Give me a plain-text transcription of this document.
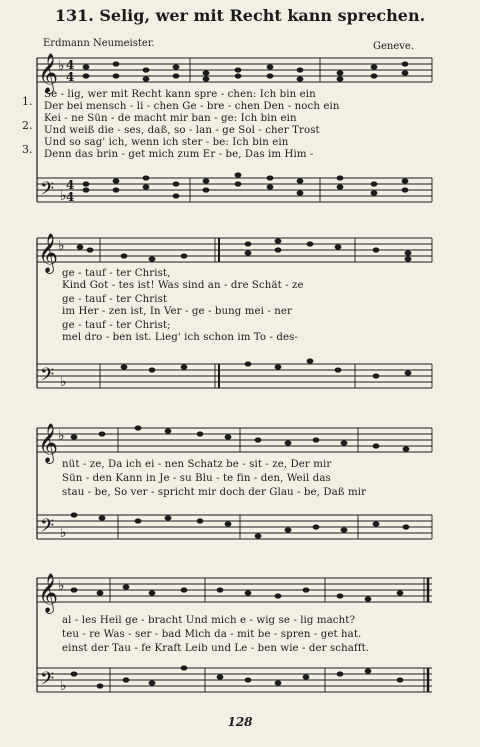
131. Selig, wer mit Recht kann sprechen.
Erdmann Neumeister.	Geneve.
𝄞
𝄢
𝄞
𝄢
𝄞
𝄢
𝄞
𝄢
♭
♭
♭
♭
♭
♭
♭
♭
4
4
4
4
1.
2.
3.
Se - lig, wer mit Recht kann spre - chen: Ich bin ein
Der bei mensch - li - chen Ge - bre - chen Den - noch ein
Kei - ne Sün - de macht mir ban - ge: Ich bin ein
Und weiß die - ses, daß, so - lan - ge Sol - cher Trost
Und so sag' ich, wenn ich ster - be: Ich bin ein
Denn das brin - get mich zum Er - be, Das im Him -
ge - tauf - ter Christ,
Kind Got - tes ist! Was sind an - dre Schät - ze
ge - tauf - ter Christ
im Her - zen ist, In Ver - ge - bung mei - ner
ge - tauf - ter Christ;
mel dro - ben ist. Lieg' ich schon im To - des-
nüt - ze, Da ich ei - nen Schatz be - sit - ze, Der mir
Sün - den Kann in Je - su Blu - te fin - den, Weil das
stau - be, So ver - spricht mir doch der Glau - be, Daß mir
al - les Heil ge - bracht Und mich e - wig se - lig macht?
teu - re Was - ser - bad Mich da - mit be - spren - get hat.
einst der Tau - fe Kraft Leib und Le - ben wie - der schafft.
128
